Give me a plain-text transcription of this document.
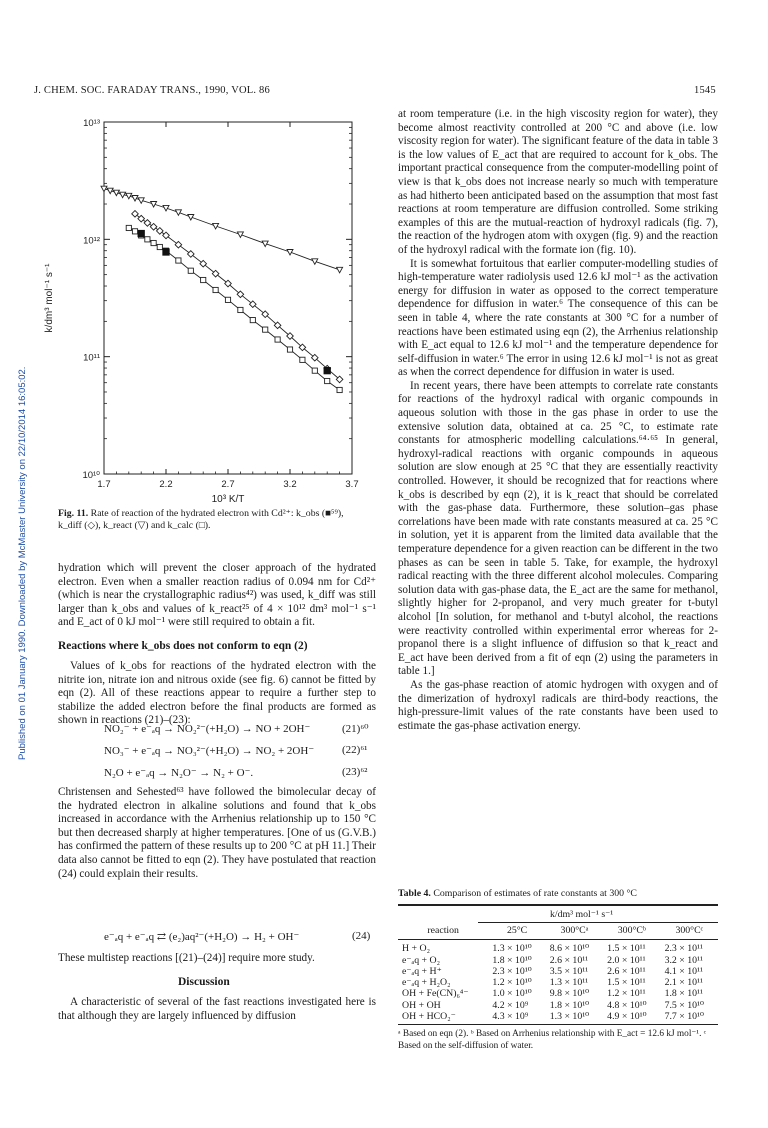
J. CHEM. SOC. FARADAY TRANS., 1990, VOL. 86	1545
Published on 01 January 1990. Downloaded by McMaster University on 22/10/2014 16:05:02.	1.7	2.2	2.7	3.2	3.7
10¹⁰
10¹¹
10¹²
10¹³
10³ K/T
k/dm³ mol⁻¹ s⁻¹
Fig. 11. Rate of reaction of the hydrated electron with Cd²⁺: k_obs (■⁵⁹), k_diff (◇), k_react (▽) and k_calc (□).

hydration which will prevent the closer approach of the hydrated electron. Even when a smaller reaction radius of 0.094 nm for Cd²⁺ (which is near the crystallographic radius⁴²) was used, k_diff was still larger than k_obs and values of k_react²⁵ of 4 × 10¹² dm³ mol⁻¹ s⁻¹ and E_act of 0 kJ mol⁻¹ were still required to obtain a fit.

Reactions where k_obs does not conform to eqn (2)

Values of k_obs for reactions of the hydrated electron with the nitrite ion, nitrate ion and nitrous oxide (see fig. 6) cannot be fitted by eqn (2). All of these reactions appear to require a further step to stabilize the added electron before the final products are formed as shown in reactions (21)–(23):

NO₂⁻ + e⁻ₐq → NO₂²⁻(+H₂O) → NO + 2OH⁻	(21)⁶⁰
NO₃⁻ + e⁻ₐq → NO₃²⁻(+H₂O) → NO₂ + 2OH⁻	(22)⁶¹
N₂O + e⁻ₐq → N₂O⁻ → N₂ + O⁻.	(23)⁶²

Christensen and Sehested⁶³ have followed the bimolecular decay of the hydrated electron in alkaline solutions and found that k_obs increased in accordance with the Arrhenius relationship up to 150 °C but then decreased sharply at higher temperatures. [One of us (G.V.B.) has confirmed the pattern of these results up to 200 °C at pH 11.] Their data also cannot be fitted to eqn (2). They have postulated that reaction (24) could explain their results.

e⁻ₐq + e⁻ₐq ⇄ (e₂)aq²⁻(+H₂O) → H₂ + OH⁻	(24)

These multistep reactions [(21)–(24)] require more study.

Discussion

A characteristic of several of the fast reactions investigated here is that although they are largely influenced by diffusion

at room temperature (i.e. in the high viscosity region for water), they become almost reactivity controlled at 200 °C and above (i.e. low viscosity region for water). The significant feature of the data in table 3 is the low values of E_act that are required to account for k_obs. The important practical consequence from the computer-modelling point of view is that k_obs does not increase nearly so much with temperature as had hitherto been anticipated based on the assumption that most fast reactions at room temperature are diffusion controlled. Some striking examples of this are the mutual-reaction of hydroxyl radicals (fig. 7), the reaction of the hydrogen atom with oxygen (fig. 9) and the reaction of the hydroxyl radical with the formate ion (fig. 10).

It is somewhat fortuitous that earlier computer-modelling studies of high-temperature water radiolysis used 12.6 kJ mol⁻¹ as the activation energy for diffusion in water as opposed to the correct temperature dependence for diffusion in water.⁶ The consequence of this can be seen in table 4, where the rate constants at 300 °C for a number of reactions have been estimated using eqn (2), the Arrhenius relationship with E_act equal to 12.6 kJ mol⁻¹ and the temperature dependence for self-diffusion in water.⁶ The error in using 12.6 kJ mol⁻¹ is not as great as when the correct dependence for diffusion in water is used.

In recent years, there have been attempts to correlate rate constants for reactions of the hydroxyl radical with organic compounds in aqueous solution with those in the gas phase in order to use the extensive solution data, obtained at ca. 25 °C, to estimate rate constants for atmospheric modelling calculations.⁶⁴·⁶⁵ In general, hydroxyl-radical reactions with organic compounds in aqueous solution are slow enough at 25 °C that they are essentially reactivity controlled. However, it should be recognized that for reactions where k_obs is described by eqn (2), it is k_react that should be correlated with the gas-phase data. Furthermore, these solution–gas phase correlations have been made with rate constants measured at ca. 25 °C in solution, yet it is apparent from the limited data available that the temperature dependence for a given reaction can be different in the two phases as can be seen in table 5. Take, for example, the hydroxyl radical reacting with the three different alcohol molecules. Comparing solution data with gas-phase data, the E_act are the same for methanol, slightly higher for 2-propanol, and very much greater for t-butyl alcohol [In solution, for methanol and t-butyl alcohol, the reactions were reactivity controlled within experimental error whereas for 2-propanol there is a slight influence of diffusion so that k_react and E_act have been derived from a fit of eqn (2) using the parameters in table 1.]

As the gas-phase reaction of atomic hydrogen with oxygen and of the dimerization of hydroxyl radicals are third-body reactions, the high-pressure-limit values of the rate constants have been used to estimate the gas-phase activation energy.

Table 4. Comparison of estimates of rate constants at 300 °C
k/dm³ mol⁻¹ s⁻¹
reaction	25°C	300°Cᵃ	300°Cᵇ	300°Cᶜ
H + O₂	1.3 × 10¹⁰	8.6 × 10¹⁰	1.5 × 10¹¹	2.3 × 10¹¹
e⁻ₐq + O₂	1.8 × 10¹⁰	2.6 × 10¹¹	2.0 × 10¹¹	3.2 × 10¹¹
e⁻ₐq + H⁺	2.3 × 10¹⁰	3.5 × 10¹¹	2.6 × 10¹¹	4.1 × 10¹¹
e⁻ₐq + H₂O₂	1.2 × 10¹⁰	1.3 × 10¹¹	1.5 × 10¹¹	2.1 × 10¹¹
OH + Fe(CN)₆⁴⁻	1.0 × 10¹⁰	9.8 × 10¹⁰	1.2 × 10¹¹	1.8 × 10¹¹
OH + OH	4.2 × 10⁹	1.8 × 10¹⁰	4.8 × 10¹⁰	7.5 × 10¹⁰
OH + HCO₂⁻	4.3 × 10⁹	1.3 × 10¹⁰	4.9 × 10¹⁰	7.7 × 10¹⁰
ᵃ Based on eqn (2). ᵇ Based on Arrhenius relationship with E_act = 12.6 kJ mol⁻¹. ᶜ Based on the self-diffusion of water.
